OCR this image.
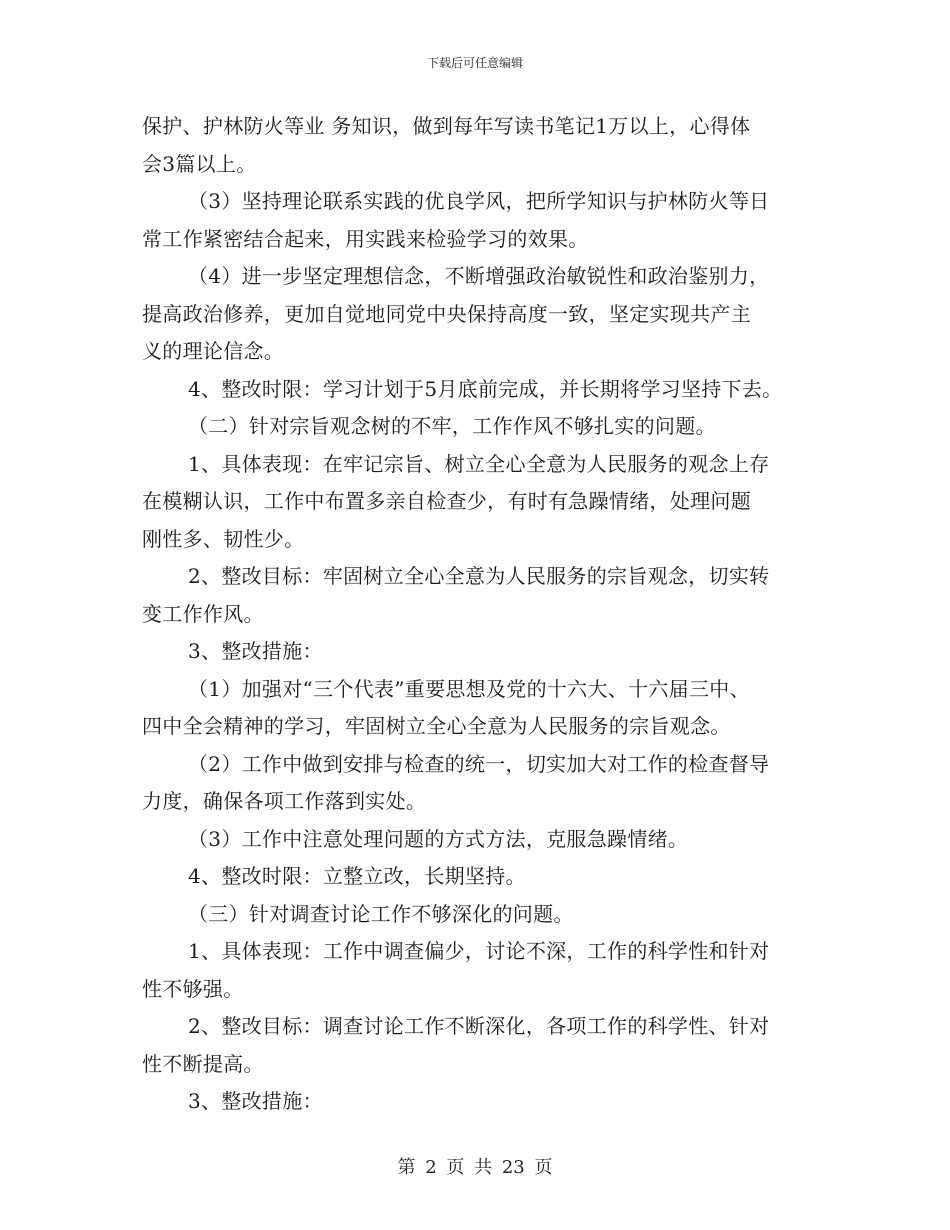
下载后可任意编辑
保护、护林防火等业 务知识，做到每年写读书笔记1万以上，心得体
会3篇以上。
（3）坚持理论联系实践的优良学风，把所学知识与护林防火等日
常工作紧密结合起来，用实践来检验学习的效果。
（4）进一步坚定理想信念，不断增强政治敏锐性和政治鉴别力，
提高政治修养，更加自觉地同党中央保持高度一致，坚定实现共产主
义的理论信念。
4、整改时限：学习计划于5月底前完成，并长期将学习坚持下去。
（二）针对宗旨观念树的不牢，工作作风不够扎实的问题。
1、具体表现：在牢记宗旨、树立全心全意为人民服务的观念上存
在模糊认识，工作中布置多亲自检查少，有时有急躁情绪，处理问题
刚性多、韧性少。
2、整改目标：牢固树立全心全意为人民服务的宗旨观念，切实转
变工作作风。
3、整改措施：
（1）加强对“三个代表”重要思想及党的十六大、十六届三中、
四中全会精神的学习，牢固树立全心全意为人民服务的宗旨观念。
（2）工作中做到安排与检查的统一，切实加大对工作的检查督导
力度，确保各项工作落到实处。
（3）工作中注意处理问题的方式方法，克服急躁情绪。
4、整改时限：立整立改，长期坚持。
（三）针对调查讨论工作不够深化的问题。
1、具体表现：工作中调查偏少，讨论不深，工作的科学性和针对
性不够强。
2、整改目标：调查讨论工作不断深化，各项工作的科学性、针对
性不断提高。
3、整改措施：
第 2 页 共 23 页
